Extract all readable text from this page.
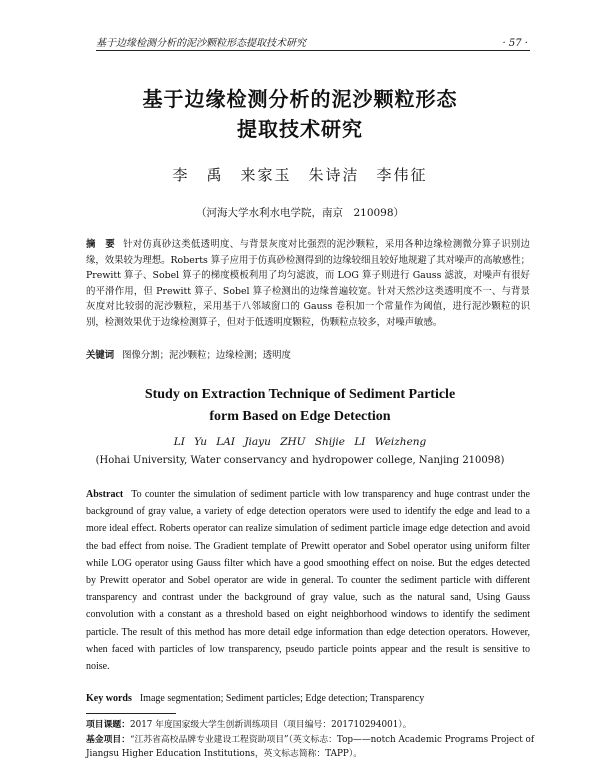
基于边缘检测分析的泥沙颗粒形态提取技术研究	· 57 ·
基于边缘检测分析的泥沙颗粒形态
提取技术研究
李　禹　来家玉　朱诗洁　李伟征
（河海大学水利水电学院，南京　210098）
摘　要 针对仿真砂这类低透明度、与背景灰度对比强烈的泥沙颗粒，采用各种边缘检测微分算子识别边缘，效果较为理想。Roberts 算子应用于仿真砂检测得到的边缘较细且较好地规避了其对噪声的高敏感性；Prewitt 算子、Sobel 算子的梯度模板利用了均匀滤波，而 LOG 算子则进行 Gauss 滤波，对噪声有很好的平滑作用，但 Prewitt 算子、Sobel 算子检测出的边缘普遍较宽。针对天然沙这类透明度不一、与背景灰度对比较弱的泥沙颗粒，采用基于八邻域窗口的 Gauss 卷积加一个常量作为阈值，进行泥沙颗粒的识别，检测效果优于边缘检测算子，但对于低透明度颗粒，伪颗粒点较多，对噪声敏感。
关键词 图像分割；泥沙颗粒；边缘检测；透明度
Study on Extraction Technique of Sediment Particle
form Based on Edge Detection
LI Yu LAI Jiayu ZHU Shijie LI Weizheng
(Hohai University, Water conservancy and hydropower college, Nanjing 210098)
Abstract To counter the simulation of sediment particle with low transparency and huge contrast under the background of gray value, a variety of edge detection operators were used to identify the edge and lead to a more ideal effect. Roberts operator can realize simulation of sediment particle image edge detection and avoid the bad effect from noise. The Gradient template of Prewitt operator and Sobel operator using uniform filter while LOG operator using Gauss filter which have a good smoothing effect on noise. But the edges detected by Prewitt operator and Sobel operator are wide in general. To counter the sediment particle with different transparency and contrast under the background of gray value, such as the natural sand, Using Gauss convolution with a constant as a threshold based on eight neighborhood windows to identify the sediment particle. The result of this method has more detail edge information than edge detection operators. However, when faced with particles of low transparency, pseudo particle points appear and the result is sensitive to noise.
Key words Image segmentation; Sediment particles; Edge detection; Transparency

项目课题：2017 年度国家级大学生创新训练项目（项目编号：201710294001）。

基金项目：“江苏省高校品牌专业建设工程资助项目”（英文标志：Top——notch Academic Programs Project of Jiangsu Higher Education Institutions，英文标志简称：TAPP）。
